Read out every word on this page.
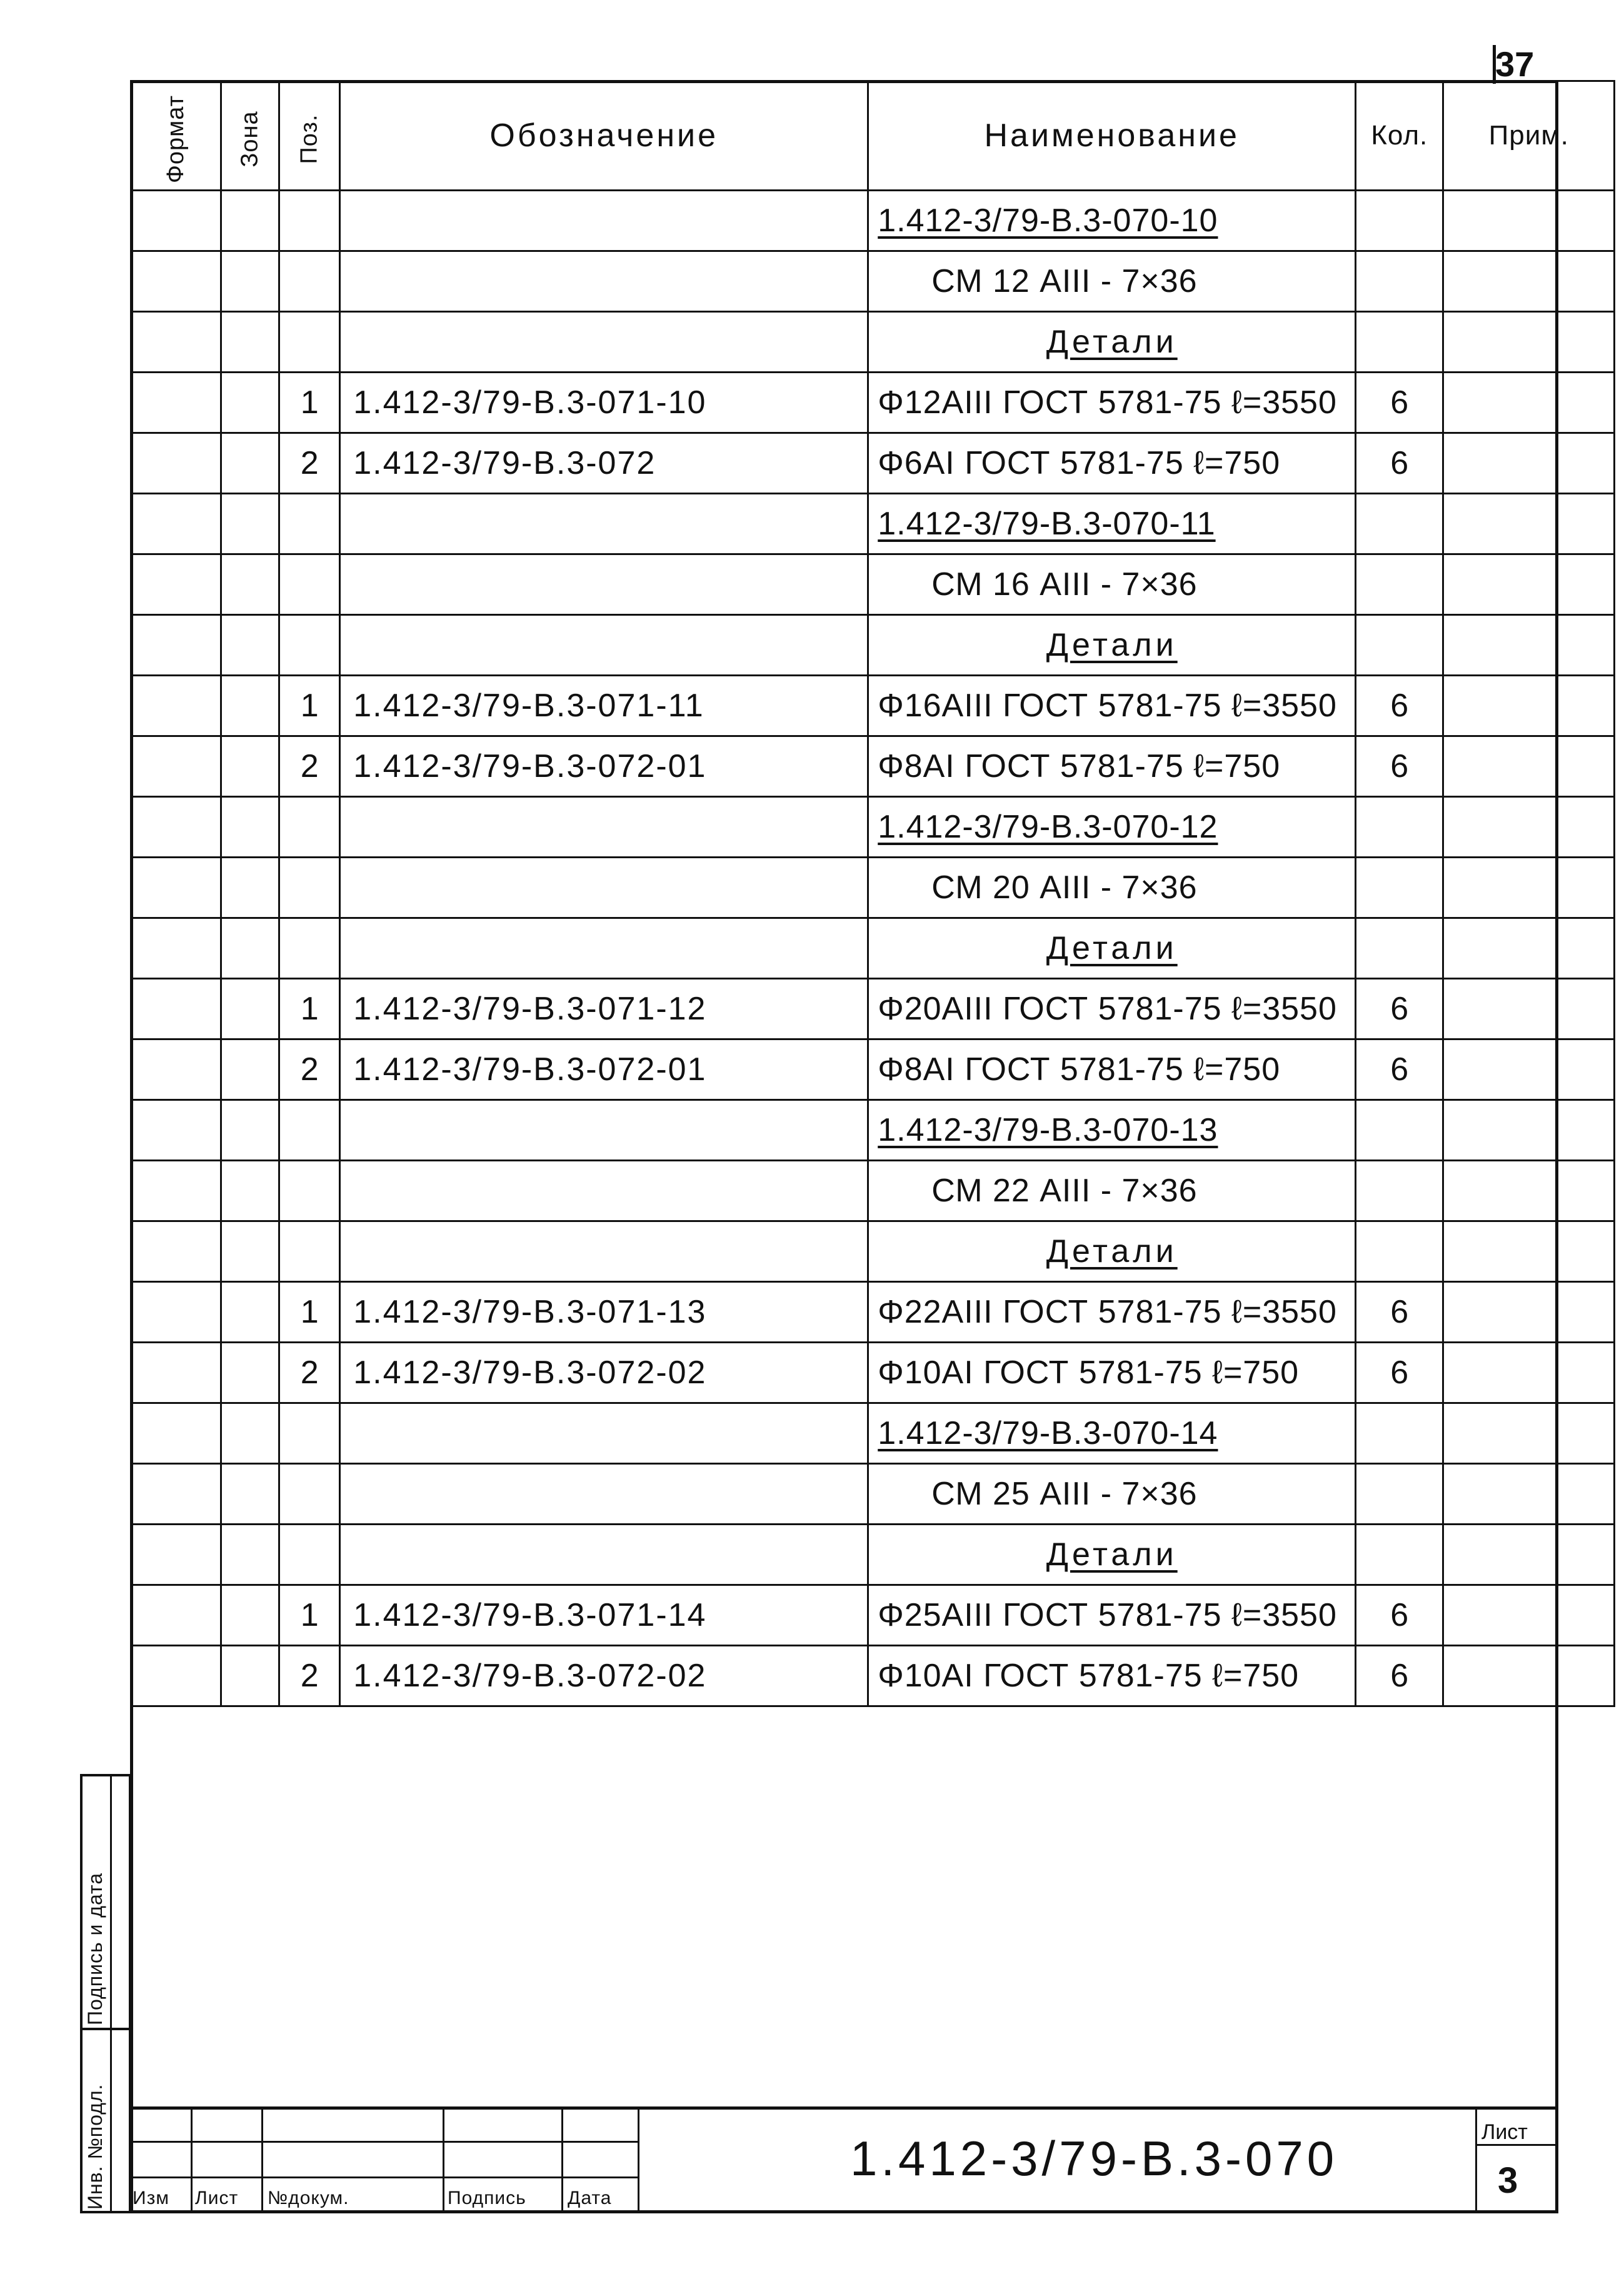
37
Формат	Зона	Поз.	Обозначение	Наименование	Кол.	Прим.
				1.412-3/79-В.3-070-10		
				СМ 12 АIII - 7×36		
				Детали		
		1	1.412-3/79-В.3-071-10	Φ12АIII ГОСТ 5781-75 ℓ=3550	6	
		2	1.412-3/79-В.3-072	Φ6АI ГОСТ 5781-75 ℓ=750	6	
				1.412-3/79-В.3-070-11		
				СМ 16 АIII - 7×36		
				Детали		
		1	1.412-3/79-В.3-071-11	Φ16АIII ГОСТ 5781-75 ℓ=3550	6	
		2	1.412-3/79-В.3-072-01	Φ8АI ГОСТ 5781-75 ℓ=750	6	
				1.412-3/79-В.3-070-12		
				СМ 20 АIII - 7×36		
				Детали		
		1	1.412-3/79-В.3-071-12	Φ20АIII ГОСТ 5781-75 ℓ=3550	6	
		2	1.412-3/79-В.3-072-01	Φ8АI ГОСТ 5781-75 ℓ=750	6	
				1.412-3/79-В.3-070-13		
				СМ 22 АIII - 7×36		
				Детали		
		1	1.412-3/79-В.3-071-13	Φ22АIII ГОСТ 5781-75 ℓ=3550	6	
		2	1.412-3/79-В.3-072-02	Φ10АI ГОСТ 5781-75 ℓ=750	6	
				1.412-3/79-В.3-070-14		
				СМ 25 АIII - 7×36		
				Детали		
		1	1.412-3/79-В.3-071-14	Φ25АIII ГОСТ 5781-75 ℓ=3550	6	
		2	1.412-3/79-В.3-072-02	Φ10АI ГОСТ 5781-75 ℓ=750	6	
Подпись и дата
Инв. №подл. Изм Лист №докум.	Подпись Дата
1.412-3/79-В.3-070	Лист
3
